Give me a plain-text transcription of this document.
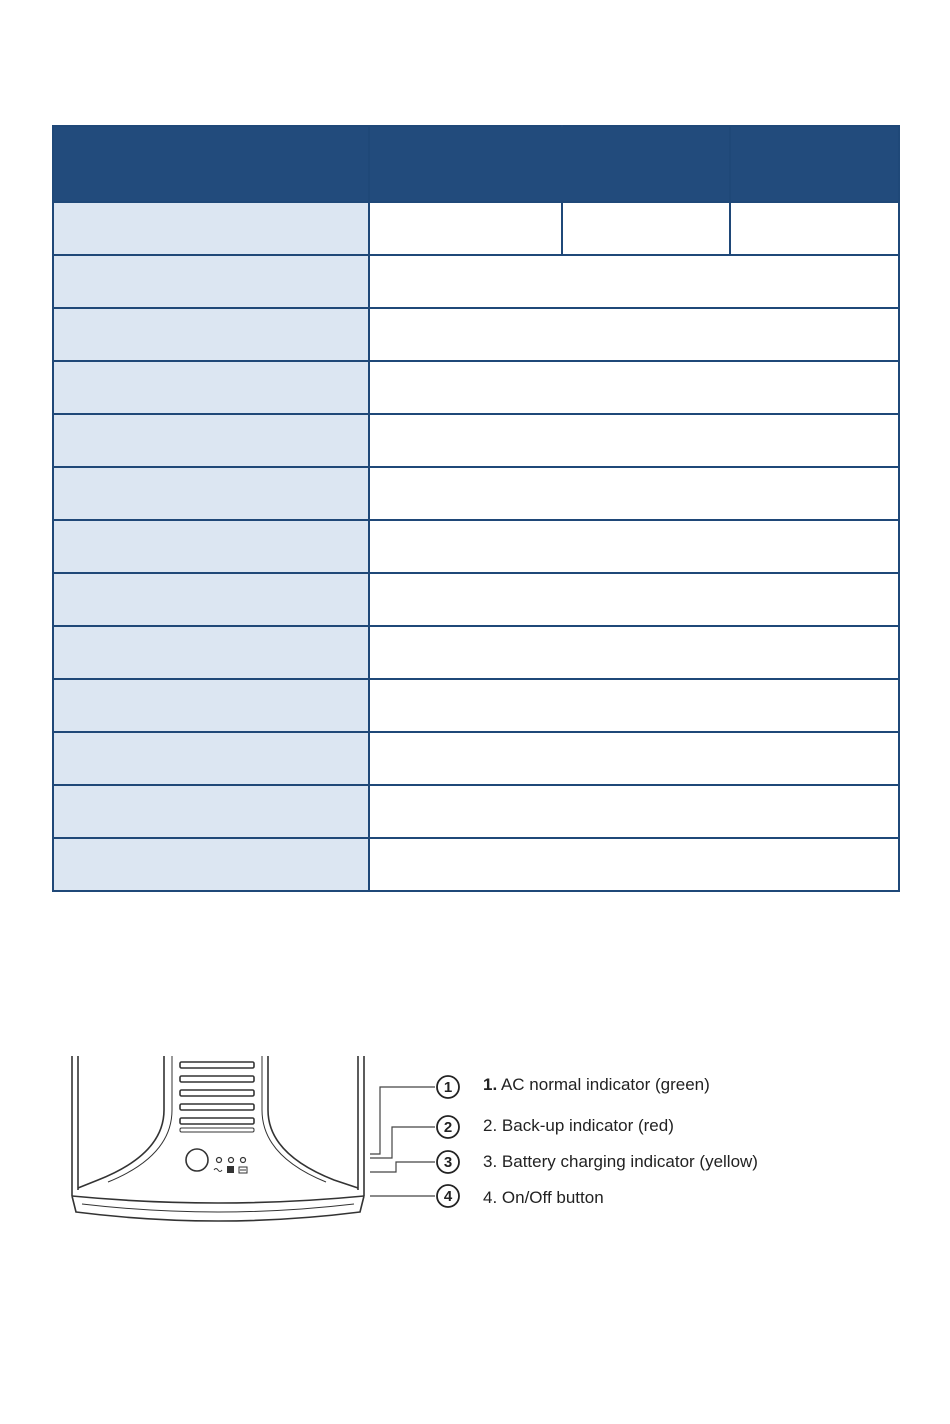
1
2
3
4
1. AC normal indicator (green)
2. Back-up indicator (red)
3. Battery charging indicator (yellow)
4. On/Off button
